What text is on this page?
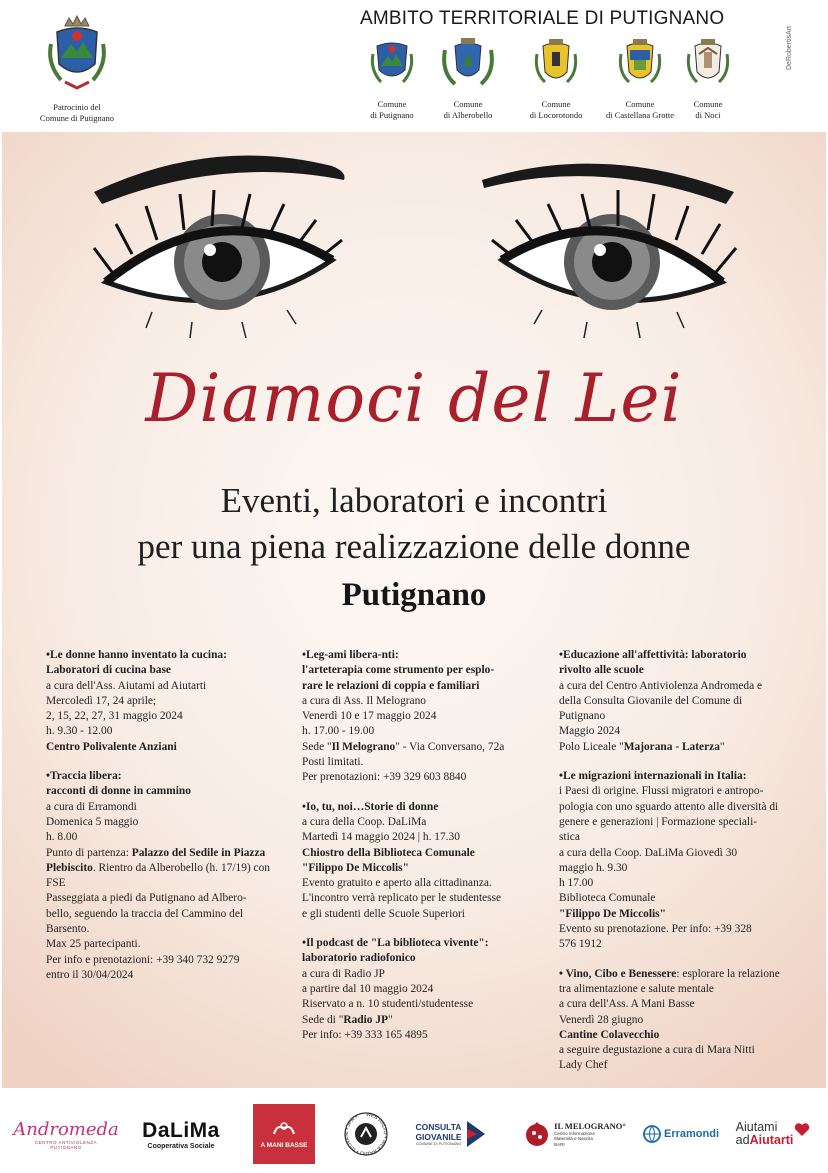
Patrocinio del
Comune di Putignano
AMBITO TERRITORIALE DI PUTIGNANO
Comune
di Putignano
Comune
di Alberobello
Comune
di Locorotondo
Comune
di Castellana Grotte
Comune
di Noci
DeRobertisArt
Diamoci del Lei
Eventi, laboratori e incontri
per una piena realizzazione delle donne
Putignano
•Le donne hanno inventato la cucina:
Laboratori di cucina base
a cura dell'Ass. Aiutami ad Aiutarti
Mercoledì 17, 24 aprile;
2, 15, 22, 27, 31 maggio 2024
h. 9.30 - 12.00
Centro Polivalente Anziani
•Traccia libera:
racconti di donne in cammino
a cura di Erramondi
Domenica 5 maggio
h. 8.00
Punto di partenza: Palazzo del Sedile in Piazza Plebiscito. Rientro da Alberobello (h. 17/19) con FSE
Passeggiata a piedi da Putignano ad Albero-
bello, seguendo la traccia del Cammino del
Barsento.
Max 25 partecipanti.
Per info e prenotazioni: +39 340 732 9279
entro il 30/04/2024
•Leg-ami libera-nti:
l'arteterapia come strumento per esplo-
rare le relazioni di coppia e familiari
a cura di Ass. Il Melograno
Venerdì 10 e 17 maggio 2024
h. 17.00 - 19.00
Sede "Il Melograno" - Via Conversano, 72a
Posti limitati.
Per prenotazioni: +39 329 603 8840
•Io, tu, noi…Storie di donne
a cura della Coop. DaLiMa
Martedì 14 maggio 2024 | h. 17.30
Chiostro della Biblioteca Comunale
"Filippo De Miccolis"
Evento gratuito e aperto alla cittadinanza.
L'incontro verrà replicato per le studentesse
e gli studenti delle Scuole Superiori
•Il podcast de "La biblioteca vivente":
laboratorio radiofonico
a cura di Radio JP
a partire dal 10 maggio 2024
Riservato a n. 10 studenti/studentesse
Sede di "Radio JP"
Per info: +39 333 165 4895
•Educazione all'affettività: laboratorio
rivolto alle scuole
a cura del Centro Antiviolenza Andromeda e
della Consulta Giovanile del Comune di
Putignano
Maggio 2024
Polo Liceale "Majorana - Laterza"
•Le migrazioni internazionali in Italia:
i Paesi di origine. Flussi migratori e antropo-
pologia con uno sguardo attento alle diversità di
genere e generazioni | Formazione speciali-
stica
a cura della Coop. DaLiMa Giovedì 30
maggio h. 9.30
h 17.00
Biblioteca Comunale
"Filippo De Miccolis"
Evento su prenotazione. Per info: +39 328
576 1912
• Vino, Cibo e Benessere: esplorare la relazione tra alimentazione e salute mentale
a cura dell'Ass. A Mani Basse
Venerdì 28 giugno
Cantine Colavecchio
a seguire degustazione a cura di Mara Nitti
Lady Chef
Andromeda
CENTRO ANTIVIOLENZA
PUTIGNANO
DaLiMa
Cooperativa Sociale	A MANI BASSE
WEB RADIO • WEB RADIO • GIOVANI • JPR •
CONSULTA
GIOVANILE
COMUNE DI PUTIGNANO
IL MELOGRANO°
Centro Informazione
Maternità e Nascita
BARI
Erramondi Aiutami
adAiutarti
